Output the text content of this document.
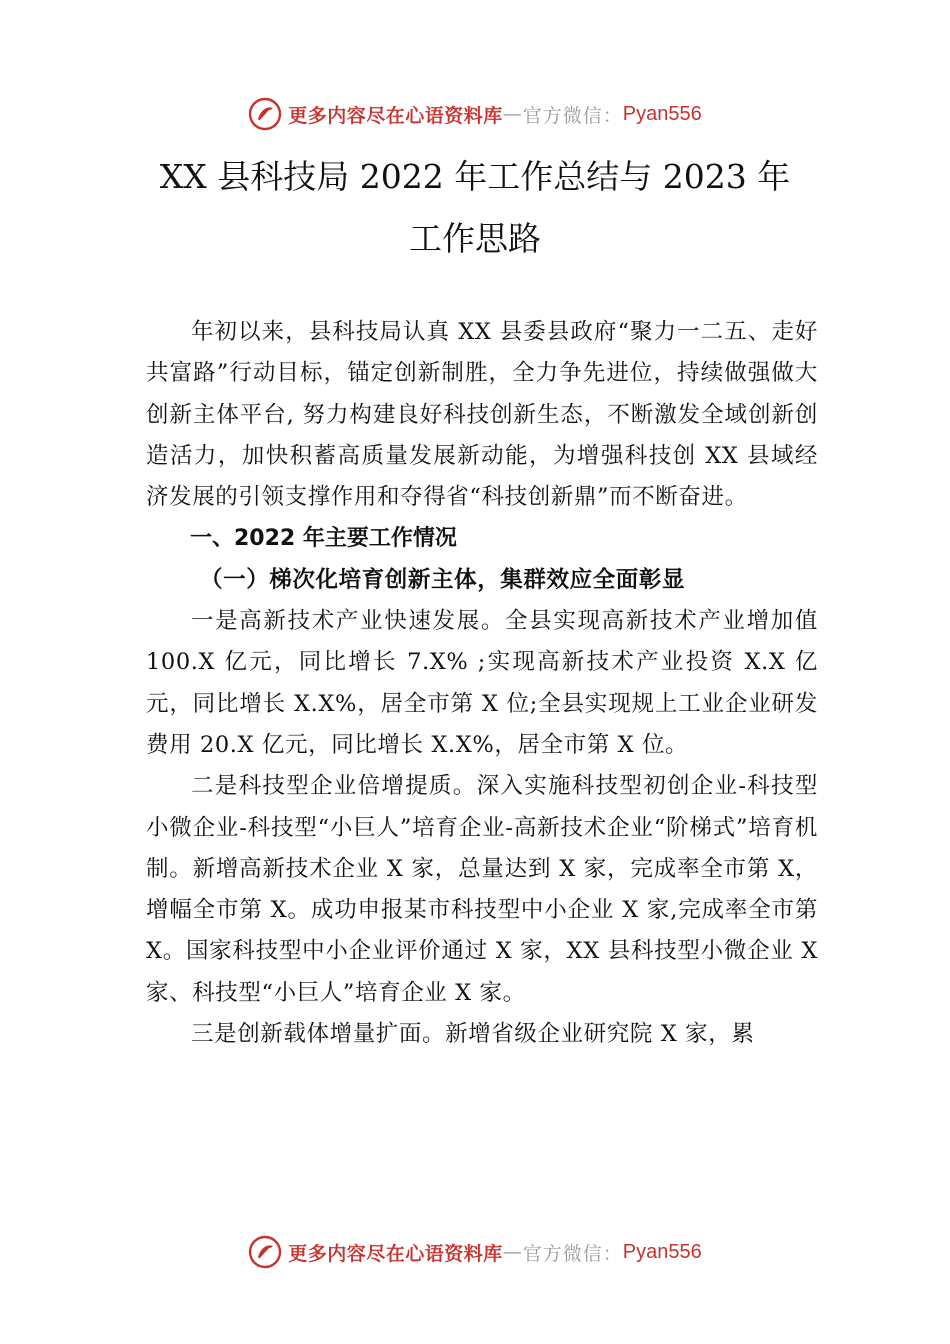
更多内容尽在心语资料库 — 官方微信： Pyan556
XX 县科技局 2022 年工作总结与 2023 年
工作思路

年初以来，县科技局认真 XX 县委县政府“聚力一二五、走好共富路”行动目标，锚定创新制胜，全力争先进位，持续做强做大创新主体平台, 努力构建良好科技创新生态，不断激发全域创新创造活力，加快积蓄高质量发展新动能，为增强科技创 XX 县域经济发展的引领支撑作用和夺得省“科技创新鼎”而不断奋进。

一、2022 年主要工作情况

（一）梯次化培育创新主体，集群效应全面彰显

一是高新技术产业快速发展。全县实现高新技术产业增加值 100.X 亿元，同比增长 7.X% ;实现高新技术产业投资 X.X 亿元，同比增长 X.X%，居全市第 X 位;全县实现规上工业企业研发费用 20.X 亿元，同比增长 X.X%，居全市第 X 位。

二是科技型企业倍增提质。深入实施科技型初创企业-科技型小微企业-科技型“小巨人”培育企业-高新技术企业“阶梯式”培育机制。新增高新技术企业 X 家，总量达到 X 家，完成率全市第 X，增幅全市第 X。成功申报某市科技型中小企业 X 家,完成率全市第 X。国家科技型中小企业评价通过 X 家，XX 县科技型小微企业 X 家、科技型“小巨人”培育企业 X 家。

三是创新载体增量扩面。新增省级企业研究院 X 家，累

更多内容尽在心语资料库 — 官方微信： Pyan556
